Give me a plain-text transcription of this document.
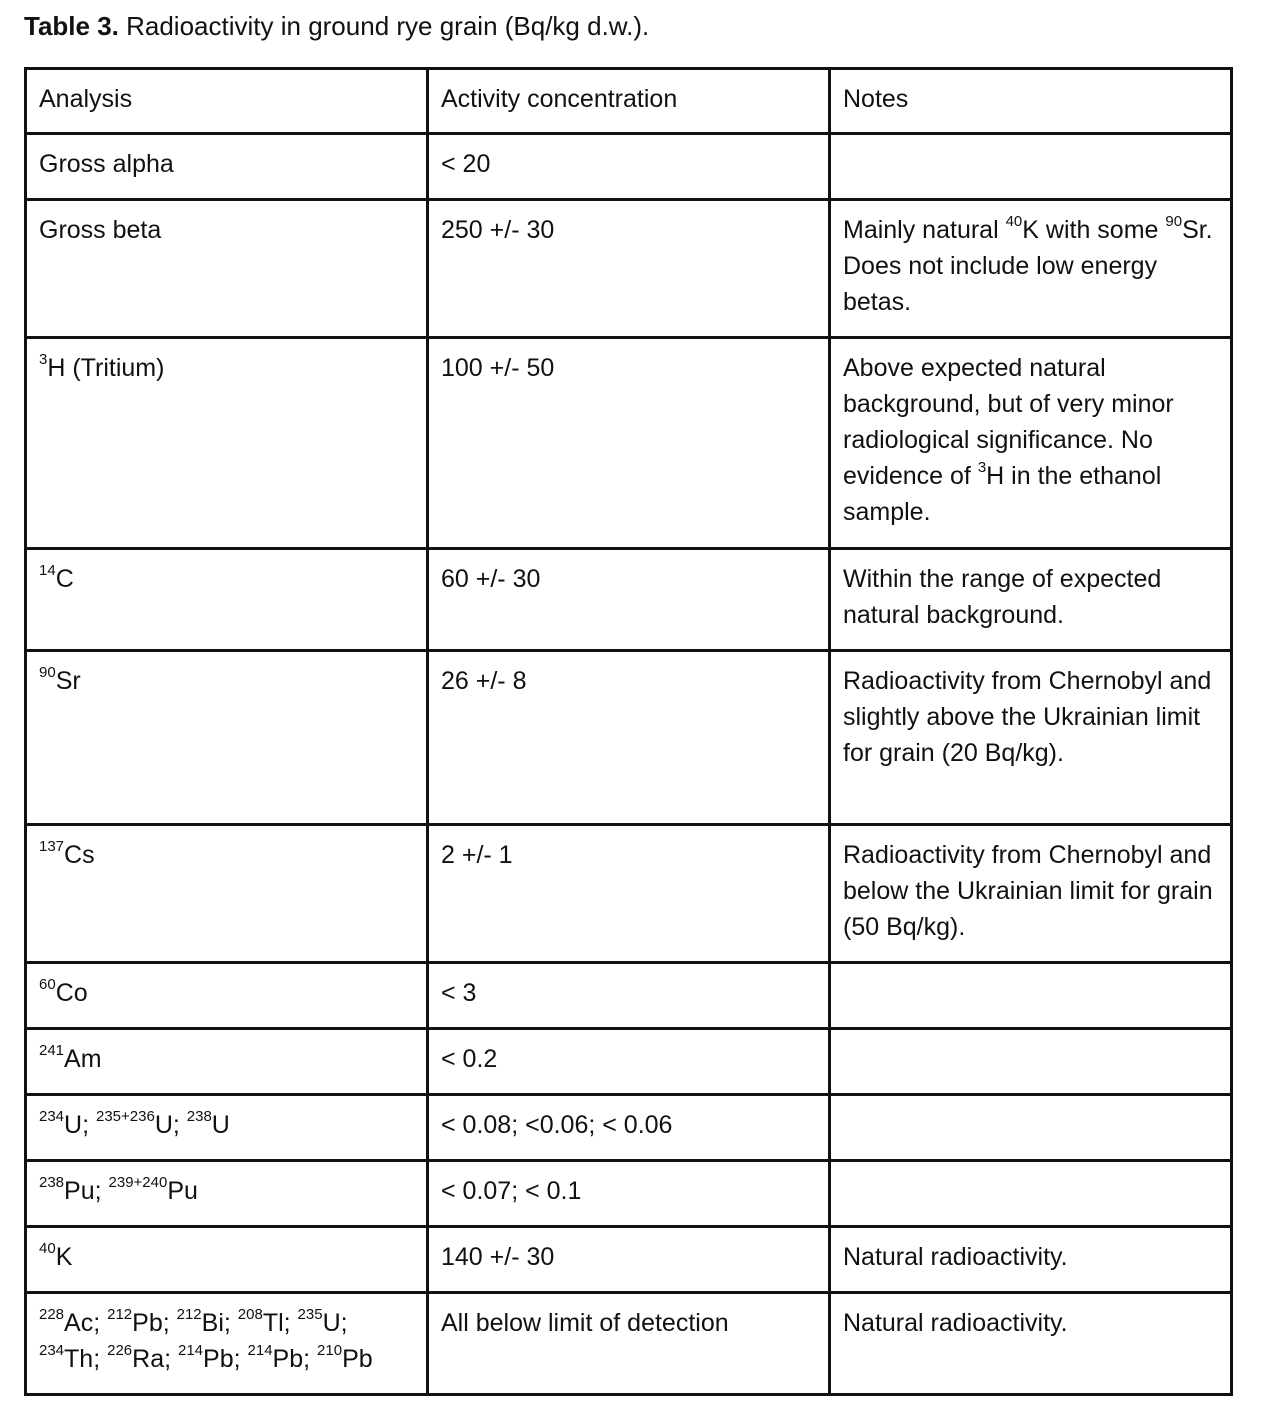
Table 3. Radioactivity in ground rye grain (Bq/kg d.w.).
Analysis	Activity concentration	Notes
Gross alpha	< 20	
Gross beta	250 +/- 30	Mainly natural $^{40}$K with some $^{90}$Sr. Does not include low energy betas.
$^3$H (Tritium)	100 +/- 50	Above expected natural background, but of very minor radiological significance. No evidence of $^3$H in the ethanol sample.
$^{14}$C	60 +/- 30	Within the range of expected natural background.
$^{90}$Sr	26 +/- 8	Radioactivity from Chernobyl and slightly above the Ukrainian limit for grain (20 Bq/kg).
$^{137}$Cs	2 +/- 1	Radioactivity from Chernobyl and below the Ukrainian limit for grain (50 Bq/kg).
$^{60}$Co	< 3	
$^{241}$Am	< 0.2	
$^{234}$U; $^{235+236}$U; $^{238}$U	< 0.08; <0.06; < 0.06	
$^{238}$Pu; $^{239+240}$Pu	< 0.07; < 0.1	
$^{40}$K	140 +/- 30	Natural radioactivity.
$^{228}$Ac; $^{212}$Pb; $^{212}$Bi; $^{208}$Tl; $^{235}$U; $^{234}$Th; $^{226}$Ra; $^{214}$Pb; $^{214}$Pb; $^{210}$Pb	All below limit of detection	Natural radioactivity.
